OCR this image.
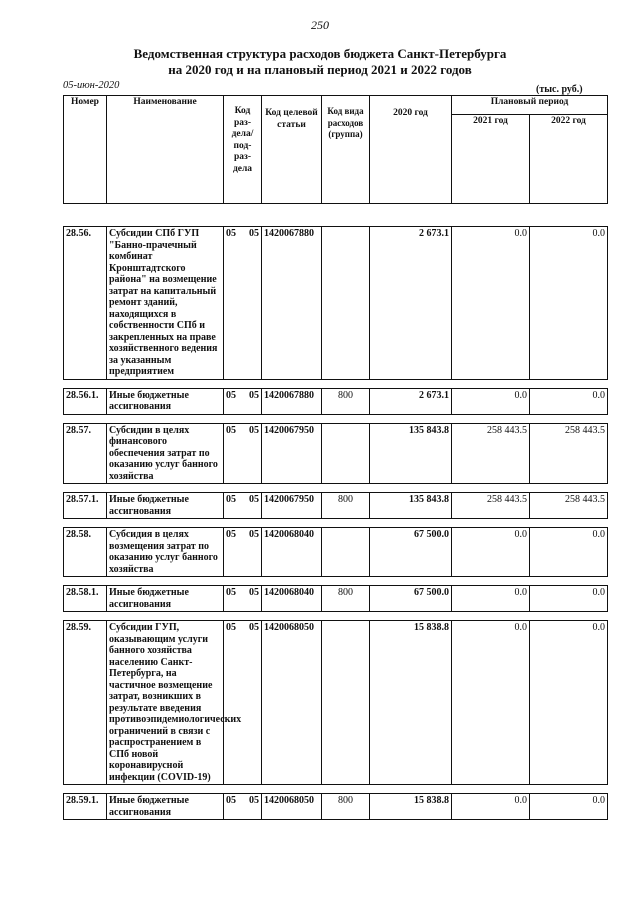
250
Ведомственная структура расходов бюджета Санкт-Петербурга
на 2020 год и на плановый период 2021 и 2022 годов
05-июн-2020	(тыс. руб.)
Номер	Наименование	Код раз- дела/ под- раз- дела	Код целевой статьи	Код вида расходов (группа)	2020 год	Плановый период	
						2021 год	2022 год

28.56.	Субсидии СПб ГУП "Банно-прачечный комбинат Кронштадтского района" на возмещение затрат на капитальный ремонт зданий, находящихся в собственности СПб и закрепленных на праве хозяйственного ведения за указанным предприятием	05 05	1420067880		2 673.1	0.0	0.0

28.56.1.	Иные бюджетные ассигнования	05 05	1420067880	800	2 673.1	0.0	0.0

28.57.	Субсидии в целях финансового обеспечения затрат по оказанию услуг банного хозяйства	05 05	1420067950		135 843.8	258 443.5	258 443.5

28.57.1.	Иные бюджетные ассигнования	05 05	1420067950	800	135 843.8	258 443.5	258 443.5

28.58.	Субсидия в целях возмещения затрат по оказанию услуг банного хозяйства	05 05	1420068040		67 500.0	0.0	0.0

28.58.1.	Иные бюджетные ассигнования	05 05	1420068040	800	67 500.0	0.0	0.0

28.59.	Субсидии ГУП, оказывающим услуги банного хозяйства населению Санкт-Петербурга, на частичное возмещение затрат, возникших в результате введения противоэпидемиологических ограничений в связи с распространением в СПб новой коронавирусной инфекции (COVID-19)	05 05	1420068050		15 838.8	0.0	0.0

28.59.1.	Иные бюджетные ассигнования	05 05	1420068050	800	15 838.8	0.0	0.0
